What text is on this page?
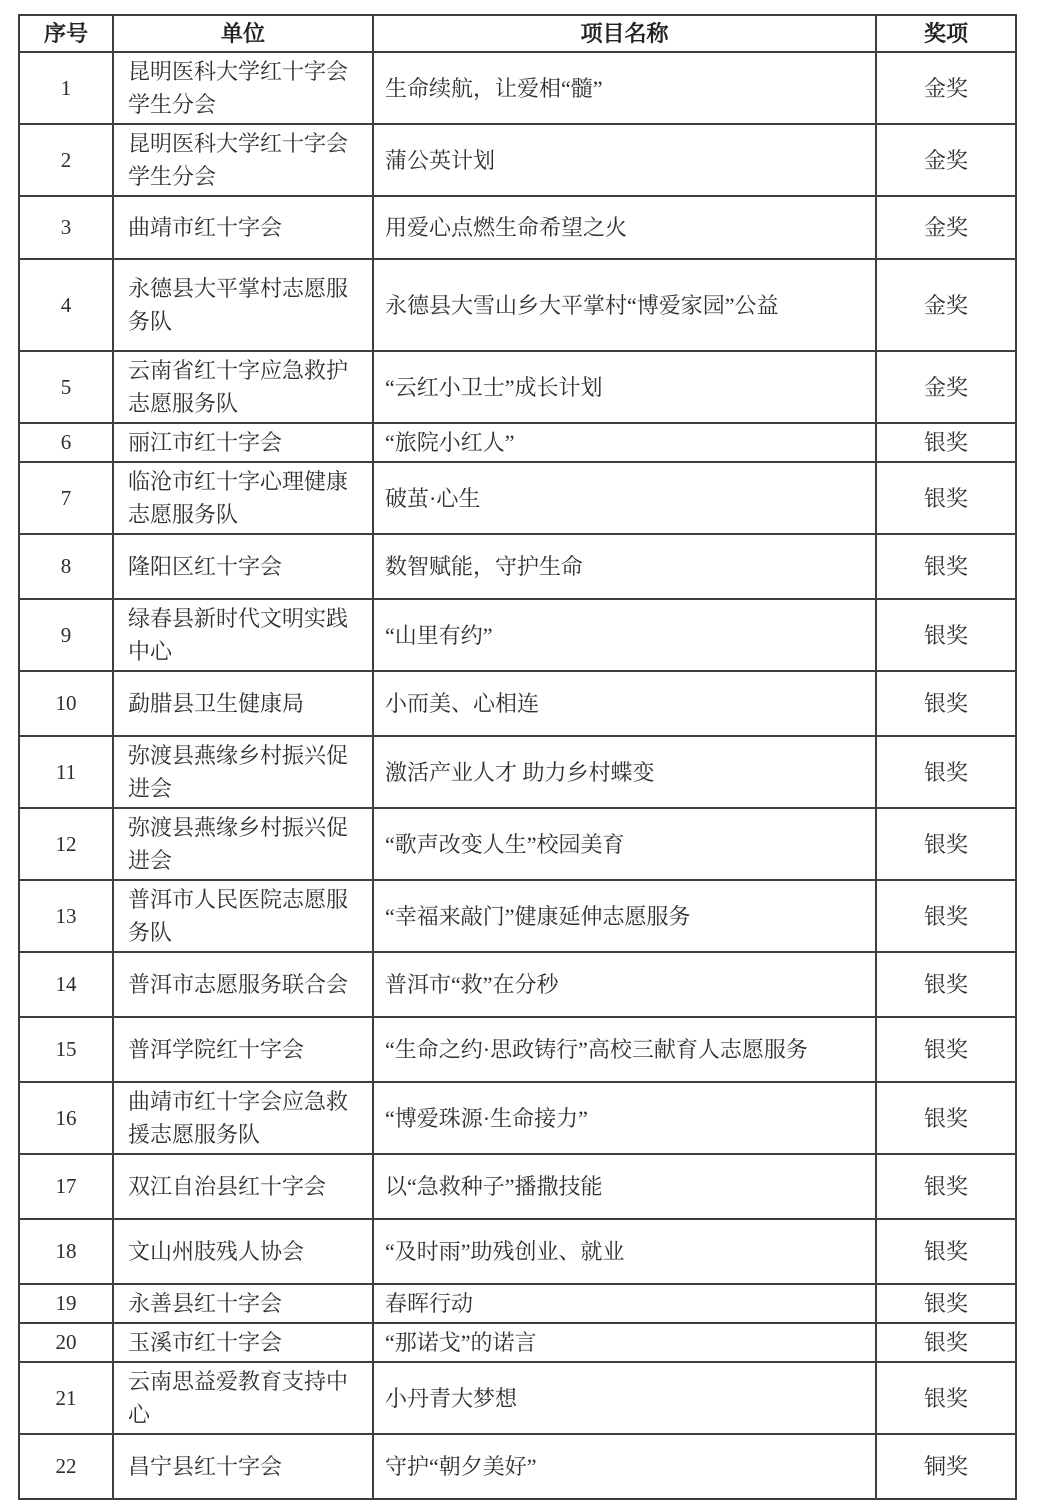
序号	单位	项目名称	奖项
1	昆明医科大学红十字会学生分会	生命续航，让爱相“髓”	金奖
2	昆明医科大学红十字会学生分会	蒲公英计划	金奖
3	曲靖市红十字会	用爱心点燃生命希望之火	金奖
4	永德县大平掌村志愿服务队	永德县大雪山乡大平掌村“博爱家园”公益	金奖
5	云南省红十字应急救护志愿服务队	“云红小卫士”成长计划	金奖
6	丽江市红十字会	“旅院小红人”	银奖
7	临沧市红十字心理健康志愿服务队	破茧·心生	银奖
8	隆阳区红十字会	数智赋能，守护生命	银奖
9	绿春县新时代文明实践中心	“山里有约”	银奖
10	勐腊县卫生健康局	小而美、心相连	银奖
11	弥渡县燕缘乡村振兴促进会	激活产业人才 助力乡村蝶变	银奖
12	弥渡县燕缘乡村振兴促进会	“歌声改变人生”校园美育	银奖
13	普洱市人民医院志愿服务队	“幸福来敲门”健康延伸志愿服务	银奖
14	普洱市志愿服务联合会	普洱市“救”在分秒	银奖
15	普洱学院红十字会	“生命之约·思政铸行”高校三献育人志愿服务	银奖
16	曲靖市红十字会应急救援志愿服务队	“博爱珠源·生命接力”	银奖
17	双江自治县红十字会	以“急救种子”播撒技能	银奖
18	文山州肢残人协会	“及时雨”助残创业、就业	银奖
19	永善县红十字会	春晖行动	银奖
20	玉溪市红十字会	“那诺戈”的诺言	银奖
21	云南思益爱教育支持中心	小丹青大梦想	银奖
22	昌宁县红十字会	守护“朝夕美好”	铜奖
